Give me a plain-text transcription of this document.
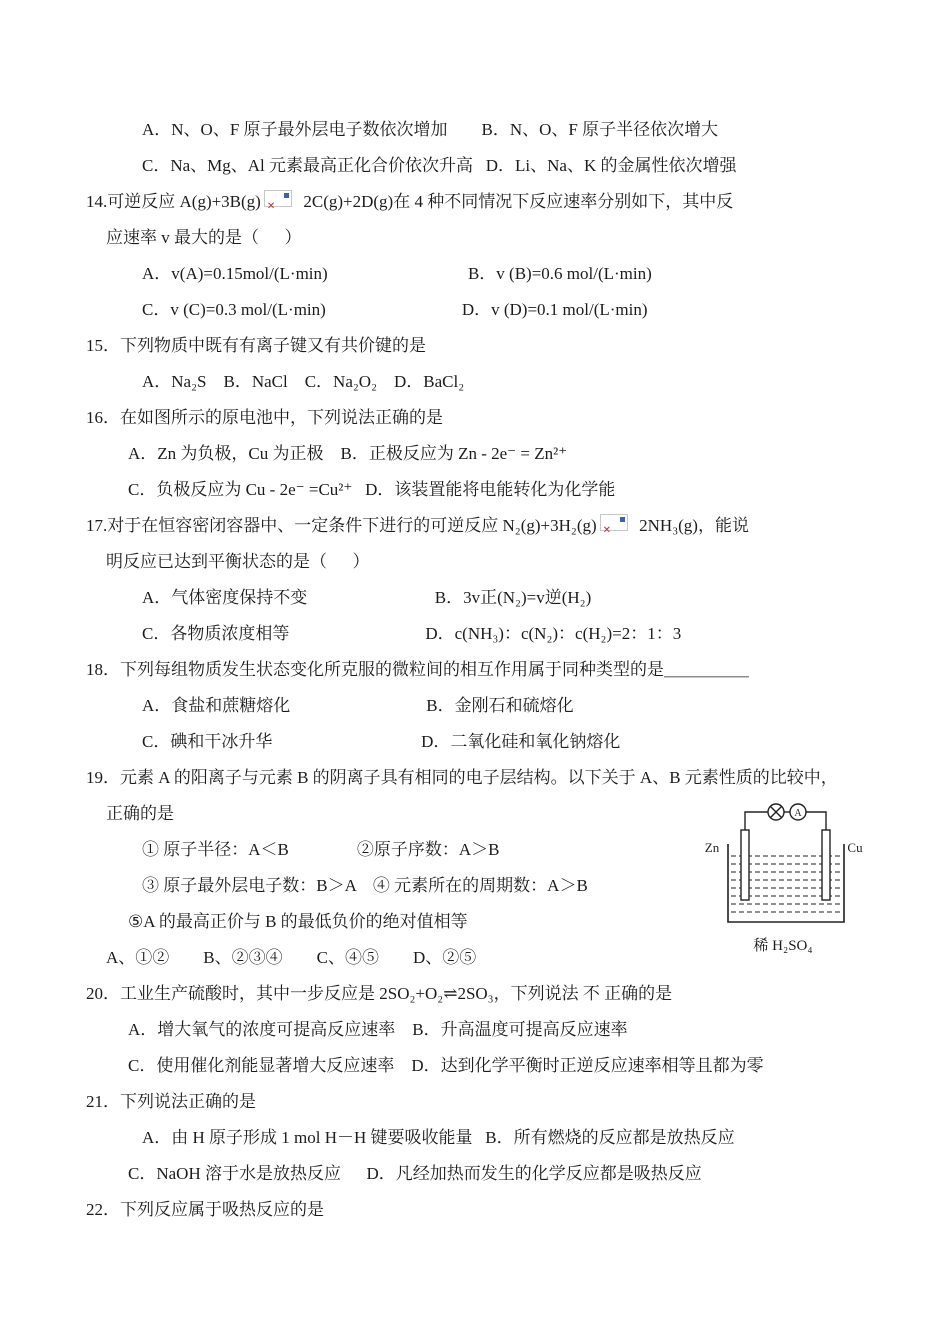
A．N、O、F 原子最外层电子数依次增加        B．N、O、F 原子半径依次增大
C．Na、Mg、Al 元素最高正化合价依次升高   D．Li、Na、K 的金属性依次增强
14.可逆反应 A(g)+3B(g) ✕ 2C(g)+2D(g)在 4 种不同情况下反应速率分别如下，其中反
应速率 v 最大的是（      ）
A．v(A)=0.15mol/(L·min)                                 B．v (B)=0.6 mol/(L·min)
C．v (C)=0.3 mol/(L·min)                                D．v (D)=0.1 mol/(L·min)
15．下列物质中既有有离子键又有共价键的是
A．Na₂S    B．NaCl    C．Na₂O₂    D．BaCl₂
16．在如图所示的原电池中，下列说法正确的是
A．Zn 为负极，Cu 为正极    B．正极反应为 Zn - 2e⁻ = Zn²⁺
C．负极反应为 Cu - 2e⁻ =Cu²⁺   D．该装置能将电能转化为化学能
17.对于在恒容密闭容器中、一定条件下进行的可逆反应 N₂(g)+3H₂(g) ✕ 2NH₃(g)，能说
明反应已达到平衡状态的是（      ）
A．气体密度保持不变                              B．3v正(N₂)=v逆(H₂)
C．各物质浓度相等                                D．c(NH₃)：c(N₂)：c(H₂)=2：1：3
18．下列每组物质发生状态变化所克服的微粒间的相互作用属于同种类型的是＿＿＿＿＿
A．食盐和蔗糖熔化                                B．金刚石和硫熔化
C．碘和干冰升华                                   D．二氧化硅和氧化钠熔化
19．元素 A 的阳离子与元素 B 的阴离子具有相同的电子层结构。以下关于 A、B 元素性质的比较中，
正确的是
① 原子半径：A＜B                ②原子序数：A＞B
③ 原子最外层电子数：B＞A    ④ 元素所在的周期数：A＞B
⑤A 的最高正价与 B 的最低负价的绝对值相等
A、①②        B、②③④        C、④⑤        D、②⑤
20．工业生产硫酸时，其中一步反应是 2SO₂+O₂⇌2SO₃，下列说法 不 正确的是
A．增大氧气的浓度可提高反应速率    B．升高温度可提高反应速率
C．使用催化剂能显著增大反应速率    D．达到化学平衡时正逆反应速率相等且都为零
21．下列说法正确的是
A．由 H 原子形成 1 mol H－H 键要吸收能量   B．所有燃烧的反应都是放热反应
C．NaOH 溶于水是放热反应      D．凡经加热而发生的化学反应都是吸热反应
22．下列反应属于吸热反应的是
A
Zn	Cu
稀 H₂SO₄
